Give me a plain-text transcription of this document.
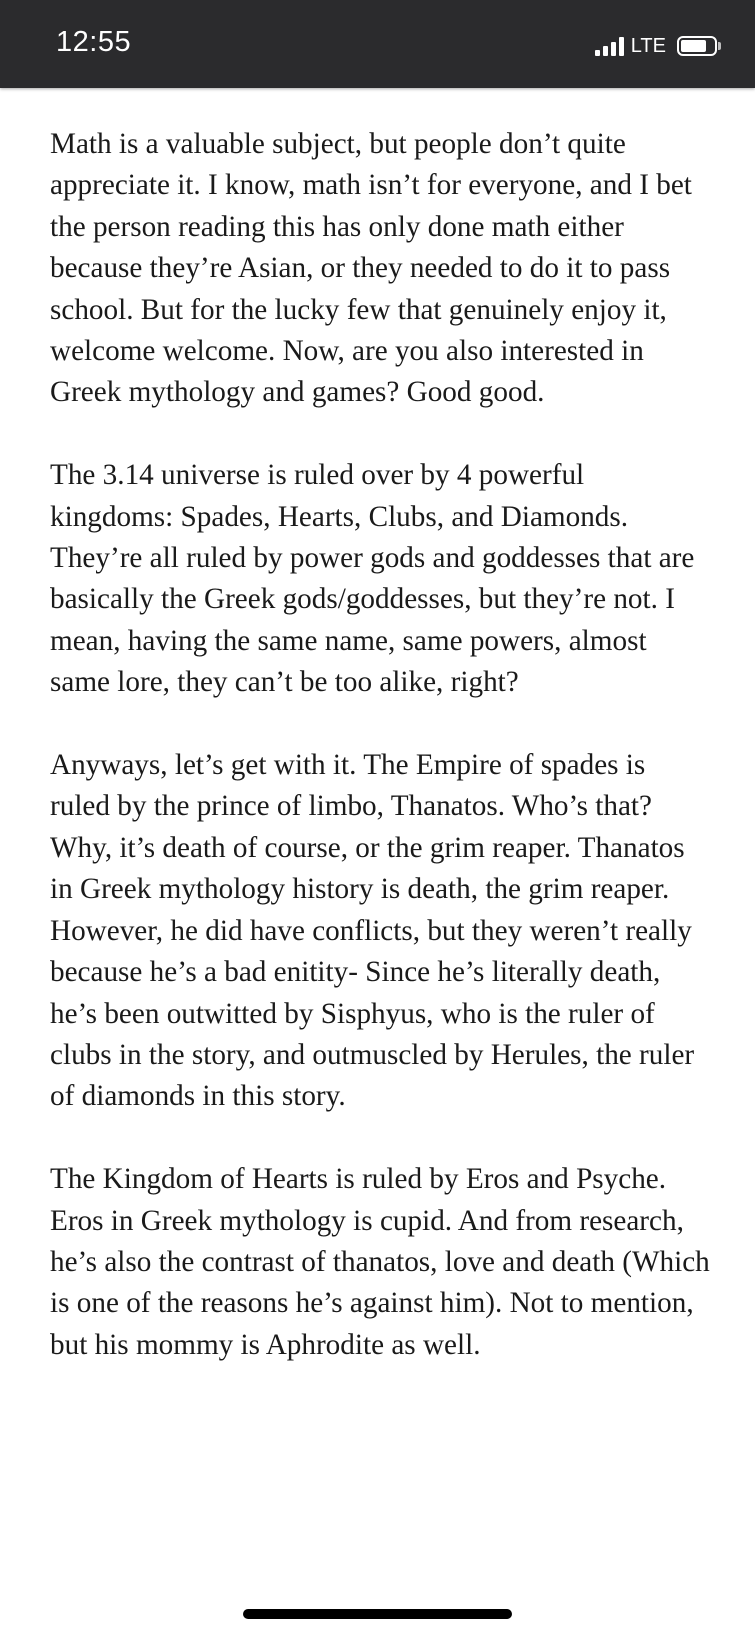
12:55	LTE

Math is a valuable subject, but people don’t quite appreciate it. I know, math isn’t for everyone, and I bet the person reading this has only done math either because they’re Asian, or they needed to do it to pass school. But for the lucky few that genuinely enjoy it, welcome welcome. Now, are you also interested in Greek mythology and games? Good good.

The 3.14 universe is ruled over by 4 powerful kingdoms: Spades, Hearts, Clubs, and Diamonds. They’re all ruled by power gods and goddesses that are basically the Greek gods/goddesses, but they’re not. I mean, having the same name, same powers, almost same lore, they can’t be too alike, right?

Anyways, let’s get with it. The Empire of spades is ruled by the prince of limbo, Thanatos. Who’s that? Why, it’s death of course, or the grim reaper. Thanatos in Greek mythology history is death, the grim reaper. However, he did have conflicts, but they weren’t really because he’s a bad enitity- Since he’s literally death, he’s been outwitted by Sisphyus, who is the ruler of clubs in the story, and outmuscled by Herules, the ruler of diamonds in this story.

The Kingdom of Hearts is ruled by Eros and Psyche. Eros in Greek mythology is cupid. And from research, he’s also the contrast of thanatos, love and death (Which is one of the reasons he’s against him). Not to mention, but his mommy is Aphrodite as well.
